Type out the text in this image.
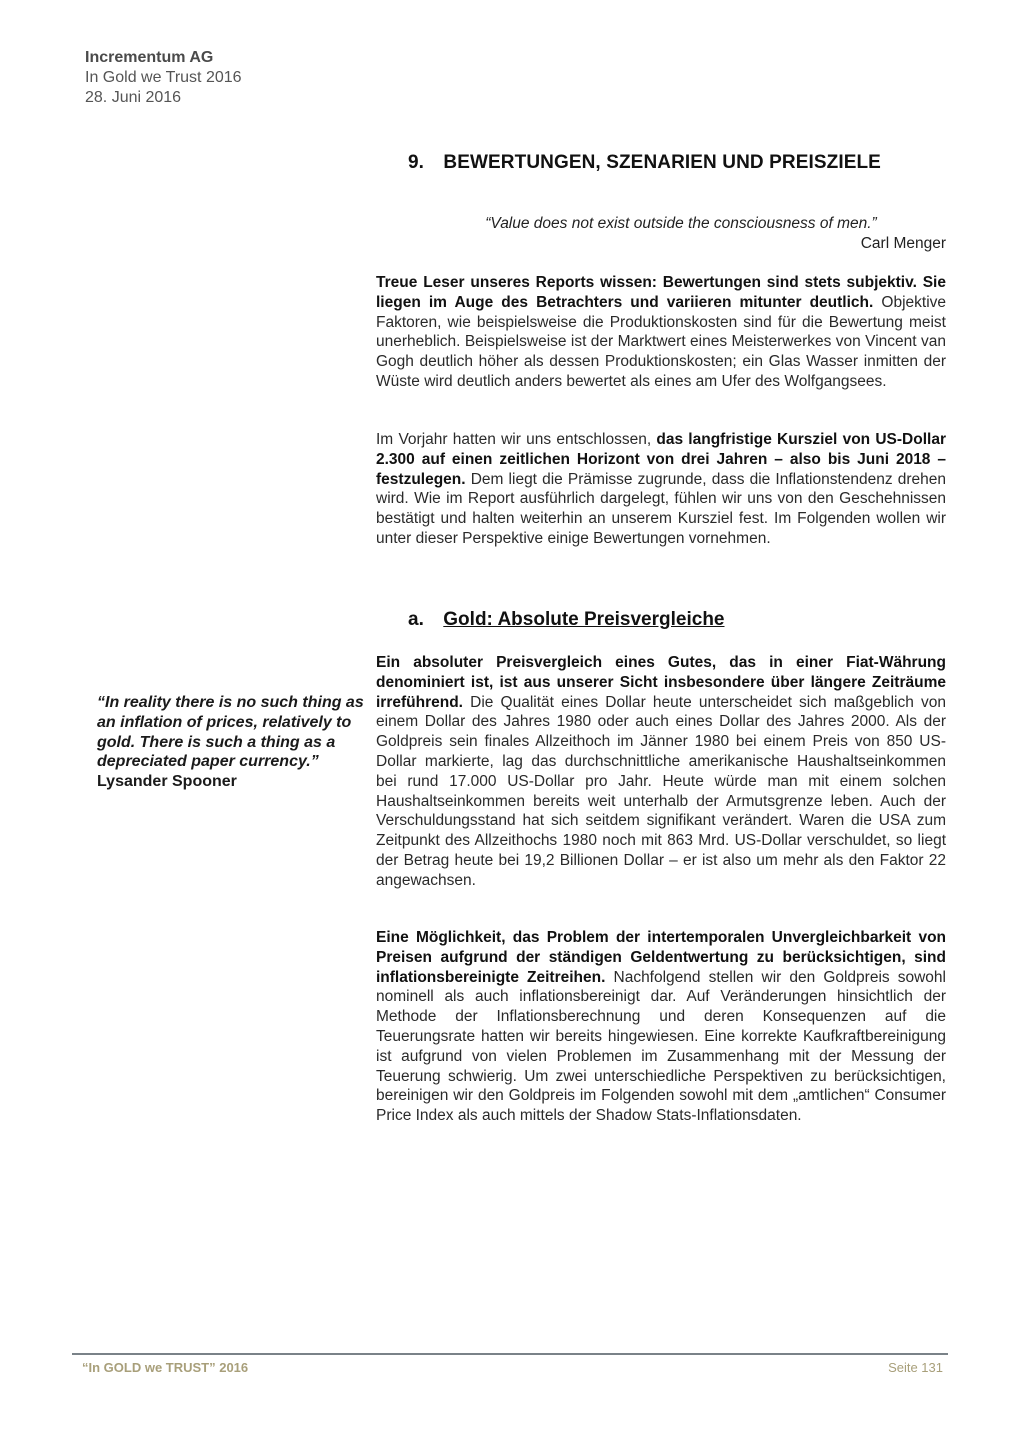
Incrementum AG
In Gold we Trust 2016
28. Juni 2016
9. BEWERTUNGEN, SZENARIEN UND PREISZIELE
“Value does not exist outside the consciousness of men.”
Carl Menger
Treue Leser unseres Reports wissen: Bewertungen sind stets subjektiv. Sie liegen im Auge des Betrachters und variieren mitunter deutlich. Objektive Faktoren, wie beispielsweise die Produktionskosten sind für die Bewertung meist unerheblich. Beispielsweise ist der Marktwert eines Meisterwerkes von Vincent van Gogh deutlich höher als dessen Produktionskosten; ein Glas Wasser inmitten der Wüste wird deutlich anders bewertet als eines am Ufer des Wolfgangsees.
Im Vorjahr hatten wir uns entschlossen, das langfristige Kursziel von US-Dollar 2.300 auf einen zeitlichen Horizont von drei Jahren – also bis Juni 2018 – festzulegen. Dem liegt die Prämisse zugrunde, dass die Inflationstendenz drehen wird. Wie im Report ausführlich dargelegt, fühlen wir uns von den Geschehnissen bestätigt und halten weiterhin an unserem Kursziel fest. Im Folgenden wollen wir unter dieser Perspektive einige Bewertungen vornehmen.
a. Gold: Absolute Preisvergleiche
“In reality there is no such thing as an inflation of prices, relatively to gold. There is such a thing as a depreciated paper currency.”
Lysander Spooner
Ein absoluter Preisvergleich eines Gutes, das in einer Fiat-Währung denominiert ist, ist aus unserer Sicht insbesondere über längere Zeiträume irreführend. Die Qualität eines Dollar heute unterscheidet sich maßgeblich von einem Dollar des Jahres 1980 oder auch eines Dollar des Jahres 2000. Als der Goldpreis sein finales Allzeithoch im Jänner 1980 bei einem Preis von 850 US-Dollar markierte, lag das durchschnittliche amerikanische Haushaltseinkommen bei rund 17.000 US-Dollar pro Jahr. Heute würde man mit einem solchen Haushaltseinkommen bereits weit unterhalb der Armutsgrenze leben. Auch der Verschuldungsstand hat sich seitdem signifikant verändert. Waren die USA zum Zeitpunkt des Allzeithochs 1980 noch mit 863 Mrd. US-Dollar verschuldet, so liegt der Betrag heute bei 19,2 Billionen Dollar – er ist also um mehr als den Faktor 22 angewachsen.
Eine Möglichkeit, das Problem der intertemporalen Unvergleichbarkeit von Preisen aufgrund der ständigen Geldentwertung zu berücksichtigen, sind inflationsbereinigte Zeitreihen. Nachfolgend stellen wir den Goldpreis sowohl nominell als auch inflationsbereinigt dar. Auf Veränderungen hinsichtlich der Methode der Inflationsberechnung und deren Konsequenzen auf die Teuerungsrate hatten wir bereits hingewiesen. Eine korrekte Kaufkraftbereinigung ist aufgrund von vielen Problemen im Zusammenhang mit der Messung der Teuerung schwierig. Um zwei unterschiedliche Perspektiven zu berücksichtigen, bereinigen wir den Goldpreis im Folgenden sowohl mit dem „amtlichen“ Consumer Price Index als auch mittels der Shadow Stats-Inflationsdaten.
“In GOLD we TRUST” 2016	Seite 131
